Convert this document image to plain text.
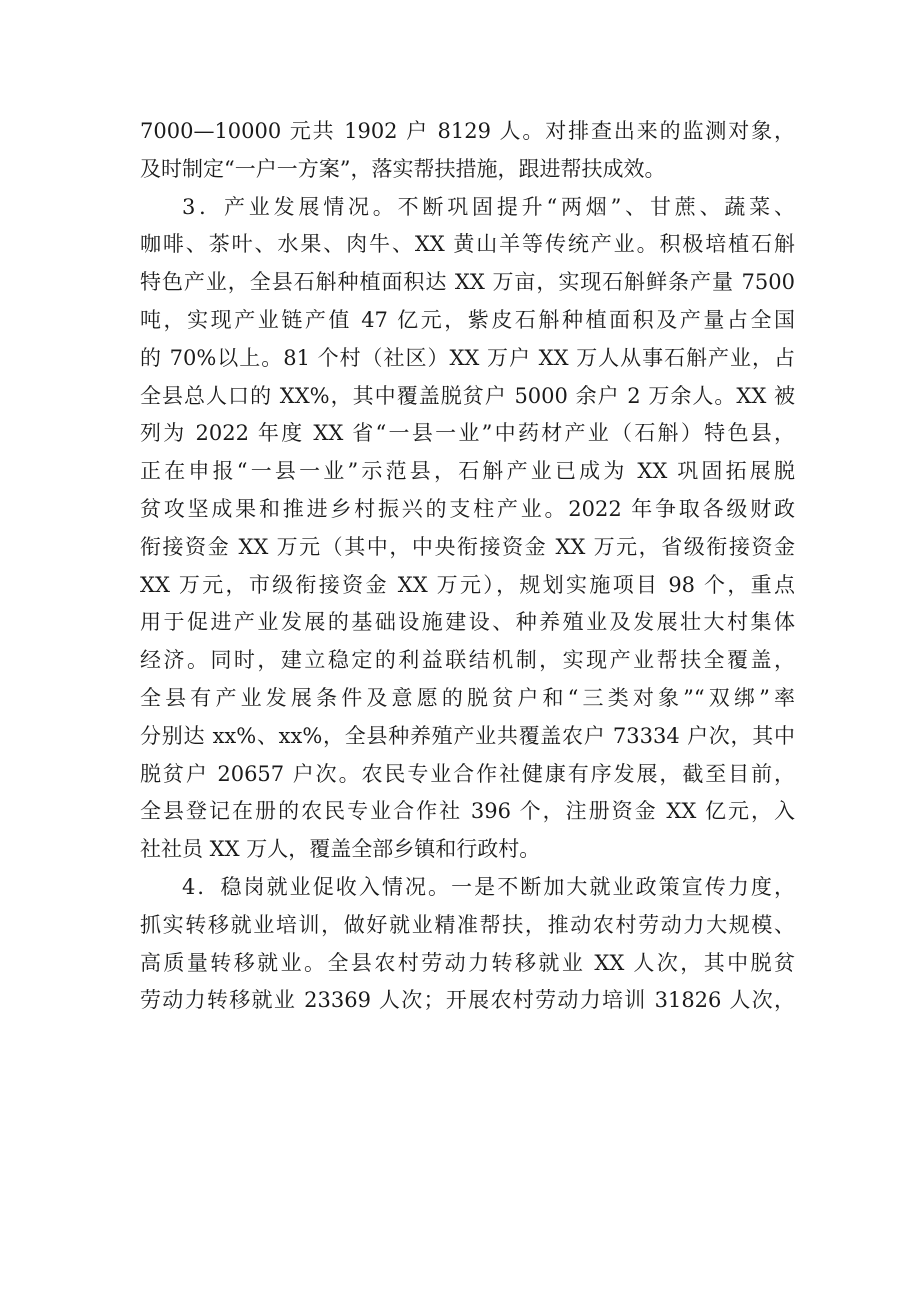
7000—10000 元共 1902 户 8129 人。对排查出来的监测对象，
及时制定“一户一方案”，落实帮扶措施，跟进帮扶成效。
3．产业发展情况。不断巩固提升“两烟”、甘蔗、蔬菜、
咖啡、茶叶、水果、肉牛、XX 黄山羊等传统产业。积极培植石斛
特色产业，全县石斛种植面积达 XX 万亩，实现石斛鲜条产量 7500
吨，实现产业链产值 47 亿元，紫皮石斛种植面积及产量占全国
的 70%以上。81 个村（社区）XX 万户 XX 万人从事石斛产业，占
全县总人口的 XX%，其中覆盖脱贫户 5000 余户 2 万余人。XX 被
列为 2022 年度 XX 省“一县一业”中药材产业（石斛）特色县，
正在申报“一县一业”示范县，石斛产业已成为 XX 巩固拓展脱
贫攻坚成果和推进乡村振兴的支柱产业。2022 年争取各级财政
衔接资金 XX 万元（其中，中央衔接资金 XX 万元，省级衔接资金
XX 万元，市级衔接资金 XX 万元），规划实施项目 98 个，重点
用于促进产业发展的基础设施建设、种养殖业及发展壮大村集体
经济。同时，建立稳定的利益联结机制，实现产业帮扶全覆盖，
全县有产业发展条件及意愿的脱贫户和“三类对象”“双绑”率
分别达 xx%、xx%，全县种养殖产业共覆盖农户 73334 户次，其中
脱贫户 20657 户次。农民专业合作社健康有序发展，截至目前，
全县登记在册的农民专业合作社 396 个，注册资金 XX 亿元，入
社社员 XX 万人，覆盖全部乡镇和行政村。
4．稳岗就业促收入情况。一是不断加大就业政策宣传力度，
抓实转移就业培训，做好就业精准帮扶，推动农村劳动力大规模、
高质量转移就业。全县农村劳动力转移就业 XX 人次，其中脱贫
劳动力转移就业 23369 人次；开展农村劳动力培训 31826 人次，
